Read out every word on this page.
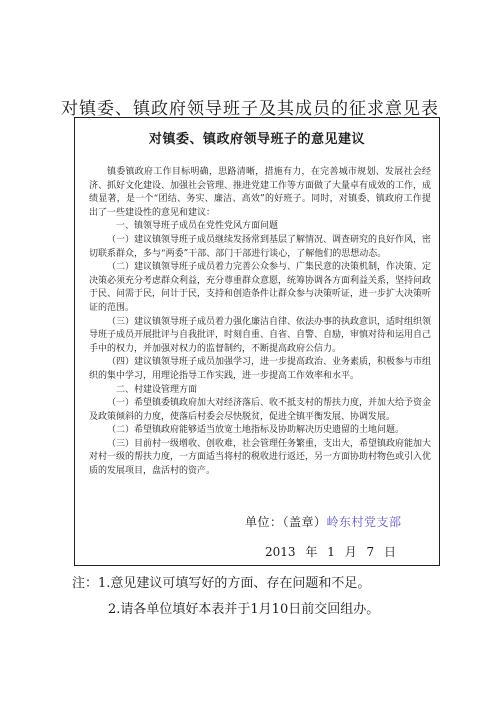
对镇委、镇政府领导班子及其成员的征求意见表
对镇委、镇政府领导班子的意见建议

镇委镇政府工作目标明确，思路清晰，措施有力，在完善城市规划、发展社会经济、抓好文化建设、加强社会管理、推进党建工作等方面做了大量卓有成效的工作，成绩显著，是一个“团结、务实、廉洁、高效”的好班子。同时，对镇委、镇政府工作提出了一些建设性的意见和建议：

一、镇领导班子成员在党性党风方面问题

（一）建议镇领导班子成员继续发扬常到基层了解情况、调查研究的良好作风，密切联系群众，多与“两委”干部、部门干部进行谈心，了解他们的思想动态。

（二）建议镇领导班子成员着力完善公众参与、广集民意的决策机制，作决策、定决策必须充分考虑群众利益，充分尊重群众意愿，统筹协调各方面利益关系，坚持问政于民、问需于民，问计于民，支持和创造条件让群众参与决策听证，进一步扩大决策听证的范围。

（三）建议镇领导班子成员着力强化廉洁自律、依法办事的执政意识，适时组织领导班子成员开展批评与自我批评，时刻自重、自省、自警、自励，审慎对待和运用自己手中的权力，并加强对权力的监督制约，不断提高政府公信力。

（四）建议镇领导班子成员加强学习，进一步提高政治、业务素质，积极参与市组织的集中学习，用理论指导工作实践，进一步提高工作效率和水平。

二、村建设管理方面

（一）希望镇委镇政府加大对经济落后、收不抵支村的帮扶力度，并加大给予资金及政策倾斜的力度，使落后村委会尽快脱贫，促进全镇平衡发展、协调发展。

（二）希望镇政府能够适当放宽土地指标及协助解决历史遗留的土地问题。

（三）目前村一级增收、创收难，社会管理任务繁重，支出大，希望镇政府能加大对村一级的帮扶力度，一方面适当将村的税收进行返还，另一方面协助村物色或引入优质的发展项目，盘活村的资产。

单位：（盖章）岭东村党支部
2013 年 1 月 7 日
注：1.意见建议可填写好的方面、存在问题和不足。
2.请各单位填好本表并于1月10日前交回组办。
